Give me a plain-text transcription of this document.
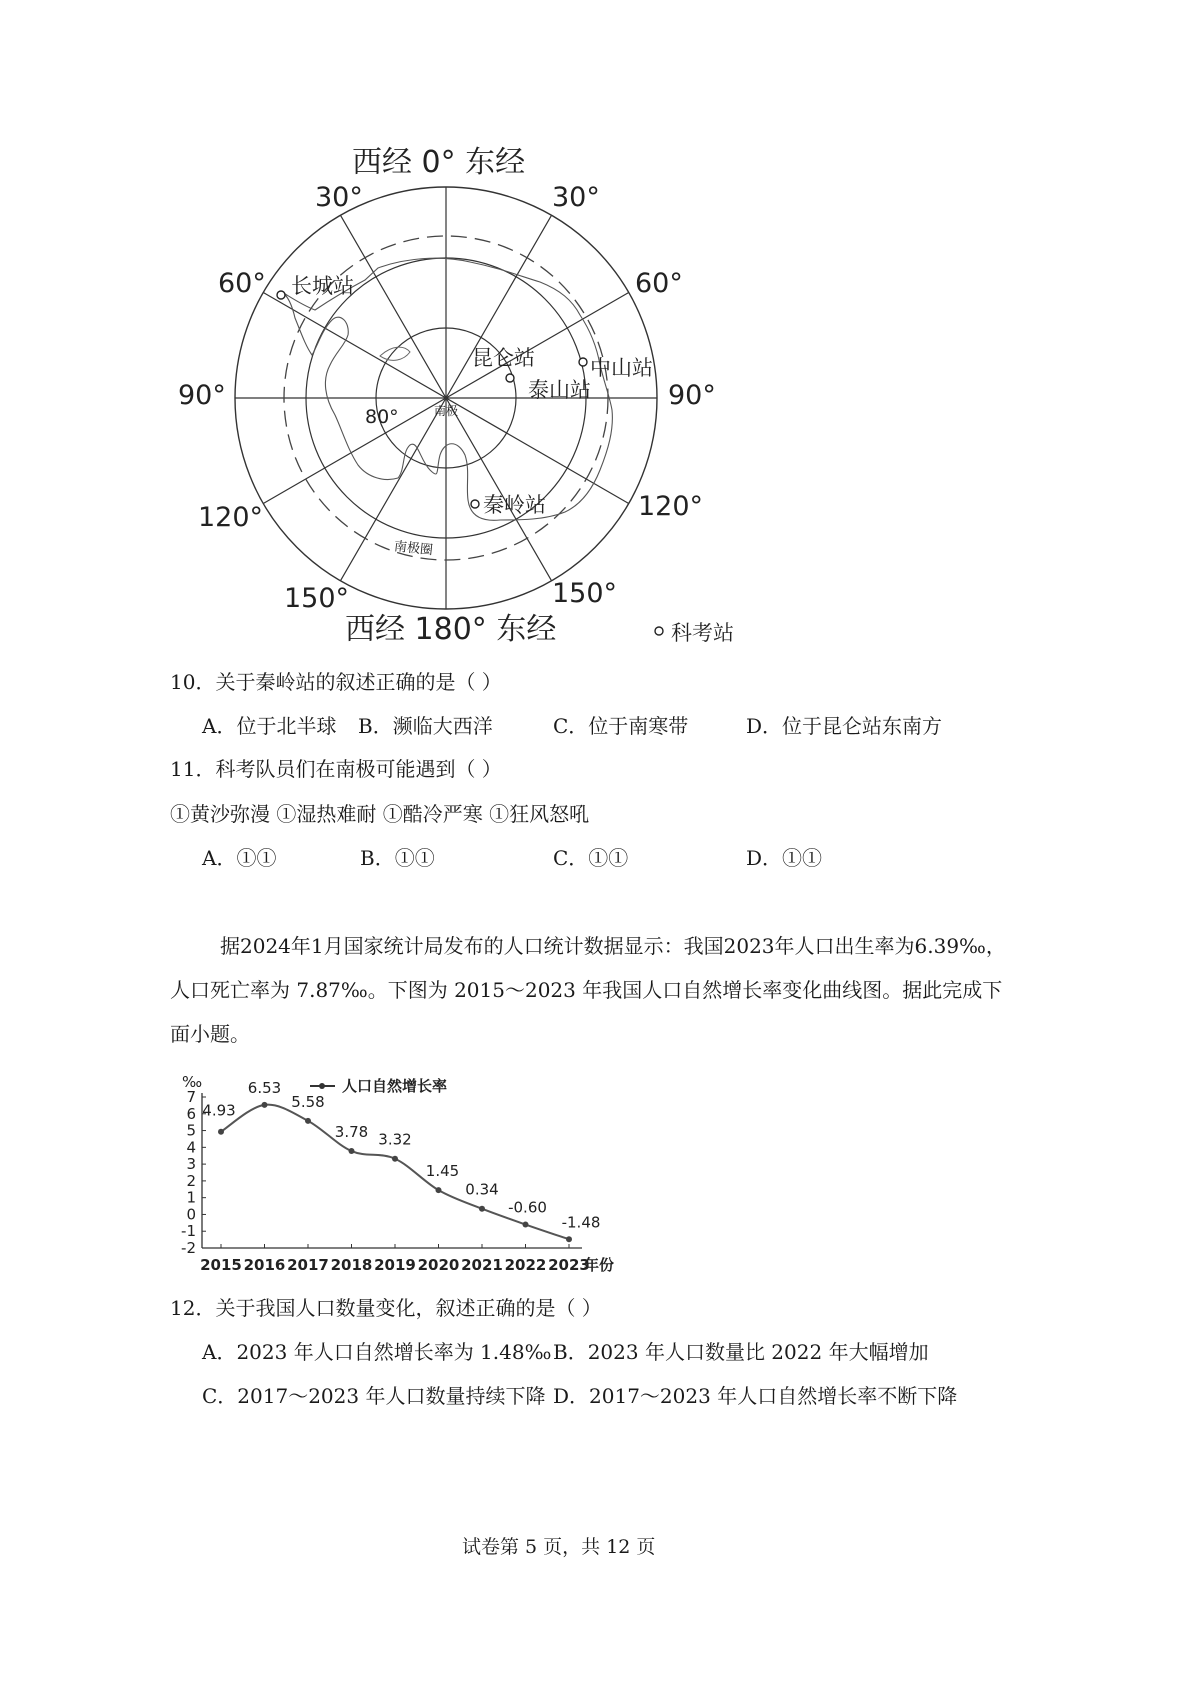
西经 0° 东经
西经 180° 东经
30°	30°
60°	60°
90°	90°
120°	120°
150°	150°
80°	南极
南极圈
长城站
昆仑站	中山站
泰山站
秦岭站
科考站
10．关于秦岭站的叙述正确的是（ ）
A．位于北半球 B．濒临大西洋	C．位于南寒带	D．位于昆仑站东南方
11．科考队员们在南极可能遇到（ ）
①黄沙弥漫 ①湿热难耐 ①酷冷严寒 ①狂风怒吼
A．①①	B．①①	C．①①	D．①①
据2024年1月国家统计局发布的人口统计数据显示：我国2023年人口出生率为6.39‰，
人口死亡率为 7.87‰。下图为 2015～2023 年我国人口自然增长率变化曲线图。据此完成下
面小题。
7
6
5
4
3
2
1
0
-1
-2
‰
2015 2016 2017 2018 2019 2020 2021 2022 2023
年份
人口自然增长率
4.93
6.53
5.58
3.78 3.32
1.45
0.34
-0.60
-1.48
12．关于我国人口数量变化，叙述正确的是（ ）
A．2023 年人口自然增长率为 1.48‰ B．2023 年人口数量比 2022 年大幅增加
C．2017～2023 年人口数量持续下降 D．2017～2023 年人口自然增长率不断下降
试卷第 5 页，共 12 页
